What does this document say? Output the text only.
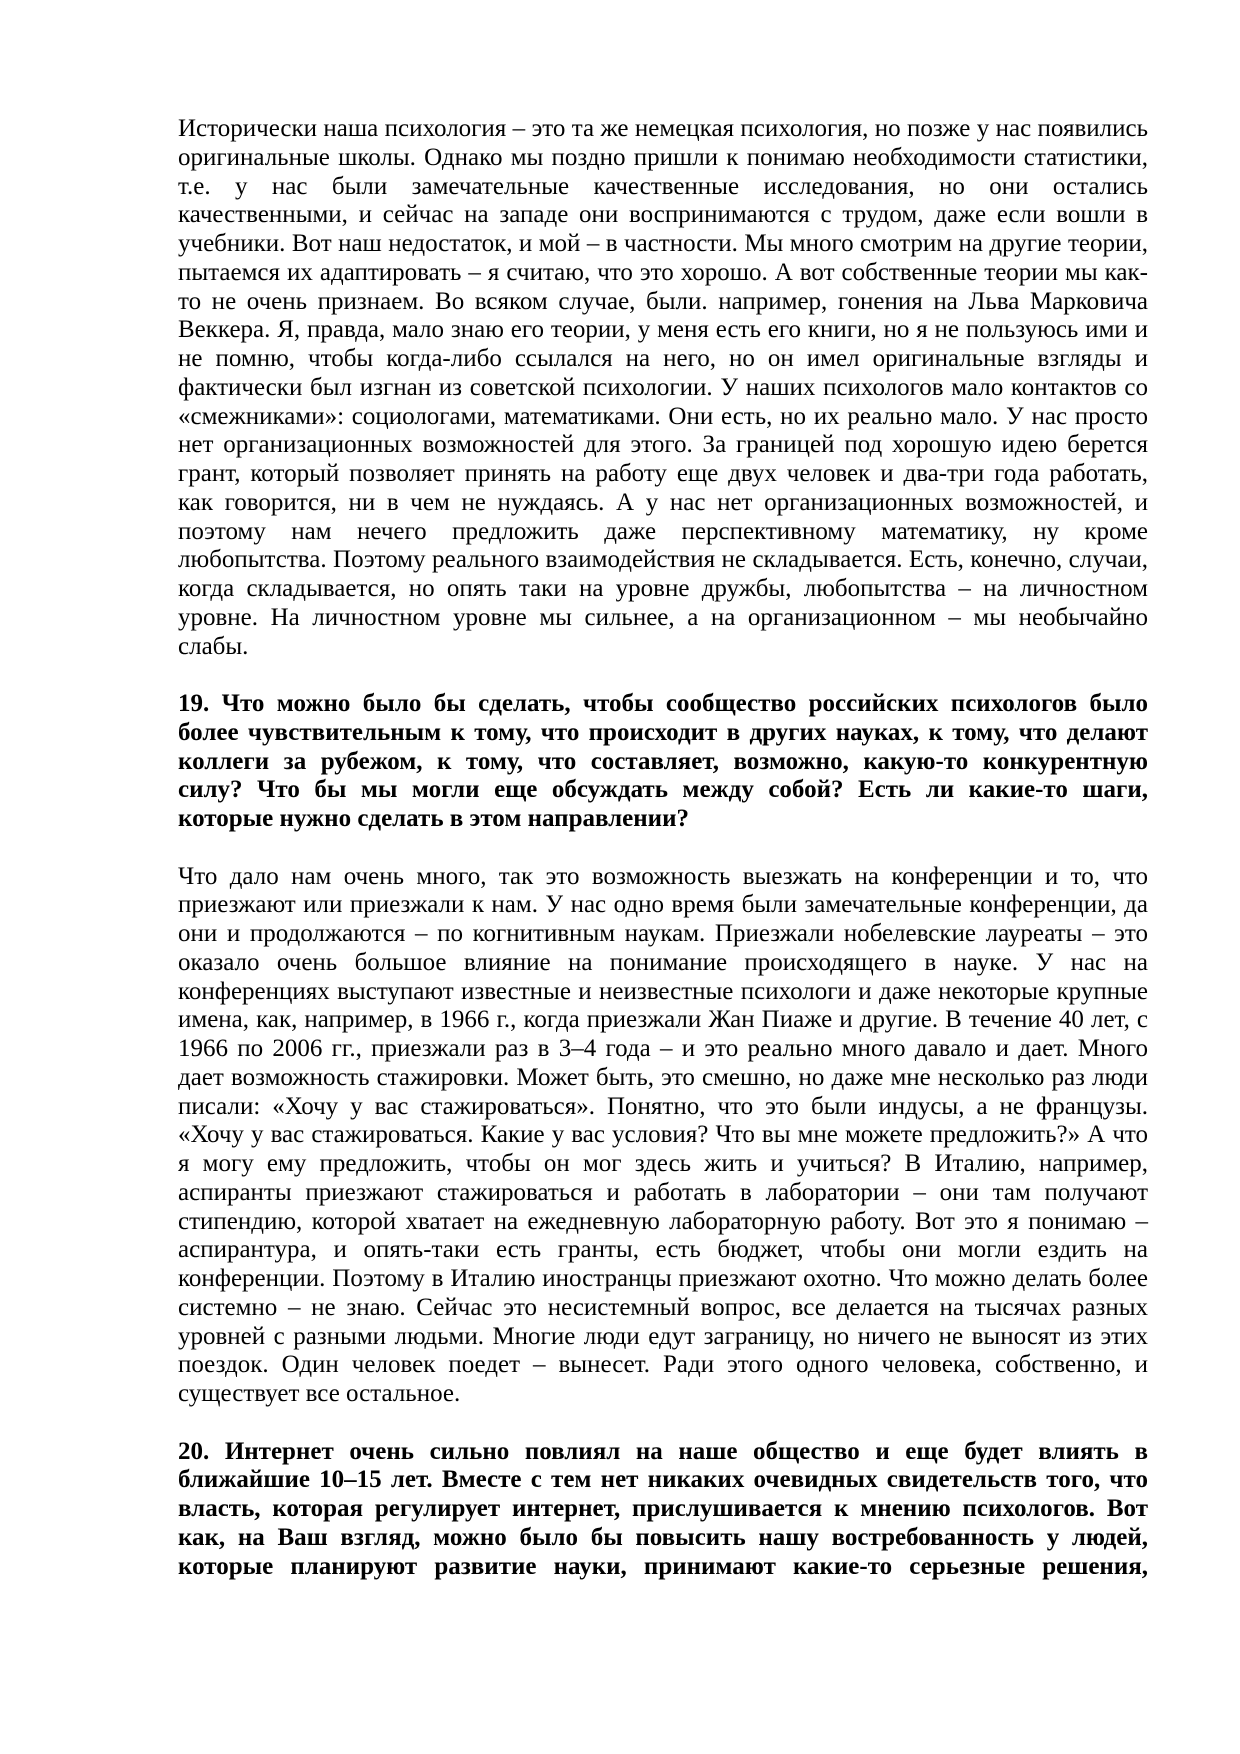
Исторически наша психология – это та же немецкая психология, но позже у нас появились
оригинальные школы. Однако мы поздно пришли к понимаю необходимости статистики,
т.е. у нас были замечательные качественные исследования, но они остались
качественными, и сейчас на западе они воспринимаются с трудом, даже если вошли в
учебники. Вот наш недостаток, и мой – в частности. Мы много смотрим на другие теории,
пытаемся их адаптировать – я считаю, что это хорошо. А вот собственные теории мы как-
то не очень признаем. Во всяком случае, были. например, гонения на Льва Марковича
Веккера. Я, правда, мало знаю его теории, у меня есть его книги, но я не пользуюсь ими и
не помню, чтобы когда-либо ссылался на него, но он имел оригинальные взгляды и
фактически был изгнан из советской психологии. У наших психологов мало контактов со
«смежниками»: социологами, математиками. Они есть, но их реально мало. У нас просто
нет организационных возможностей для этого. За границей под хорошую идею берется
грант, который позволяет принять на работу еще двух человек и два-три года работать,
как говорится, ни в чем не нуждаясь. А у нас нет организационных возможностей, и
поэтому нам нечего предложить даже перспективному математику, ну кроме
любопытства. Поэтому реального взаимодействия не складывается. Есть, конечно, случаи,
когда складывается, но опять таки на уровне дружбы, любопытства – на личностном
уровне. На личностном уровне мы сильнее, а на организационном – мы необычайно
слабы.
19. Что можно было бы сделать, чтобы сообщество российских психологов было
более чувствительным к тому, что происходит в других науках, к тому, что делают
коллеги за рубежом, к тому, что составляет, возможно, какую-то конкурентную
силу? Что бы мы могли еще обсуждать между собой? Есть ли какие-то шаги,
которые нужно сделать в этом направлении?
Что дало нам очень много, так это возможность выезжать на конференции и то, что
приезжают или приезжали к нам. У нас одно время были замечательные конференции, да
они и продолжаются – по когнитивным наукам. Приезжали нобелевские лауреаты – это
оказало очень большое влияние на понимание происходящего в науке. У нас на
конференциях выступают известные и неизвестные психологи и даже некоторые крупные
имена, как, например, в 1966 г., когда приезжали Жан Пиаже и другие. В течение 40 лет, с
1966 по 2006 гг., приезжали раз в 3–4 года – и это реально много давало и дает. Много
дает возможность стажировки. Может быть, это смешно, но даже мне несколько раз люди
писали: «Хочу у вас стажироваться». Понятно, что это были индусы, а не французы.
«Хочу у вас стажироваться. Какие у вас условия? Что вы мне можете предложить?» А что
я могу ему предложить, чтобы он мог здесь жить и учиться? В Италию, например,
аспиранты приезжают стажироваться и работать в лаборатории – они там получают
стипендию, которой хватает на ежедневную лабораторную работу. Вот это я понимаю –
аспирантура, и опять-таки есть гранты, есть бюджет, чтобы они могли ездить на
конференции. Поэтому в Италию иностранцы приезжают охотно. Что можно делать более
системно – не знаю. Сейчас это несистемный вопрос, все делается на тысячах разных
уровней с разными людьми. Многие люди едут заграницу, но ничего не выносят из этих
поездок. Один человек поедет – вынесет. Ради этого одного человека, собственно, и
существует все остальное.
20. Интернет очень сильно повлиял на наше общество и еще будет влиять в
ближайшие 10–15 лет. Вместе с тем нет никаких очевидных свидетельств того, что
власть, которая регулирует интернет, прислушивается к мнению психологов. Вот
как, на Ваш взгляд, можно было бы повысить нашу востребованность у людей,
которые планируют развитие науки, принимают какие-то серьезные решения,
